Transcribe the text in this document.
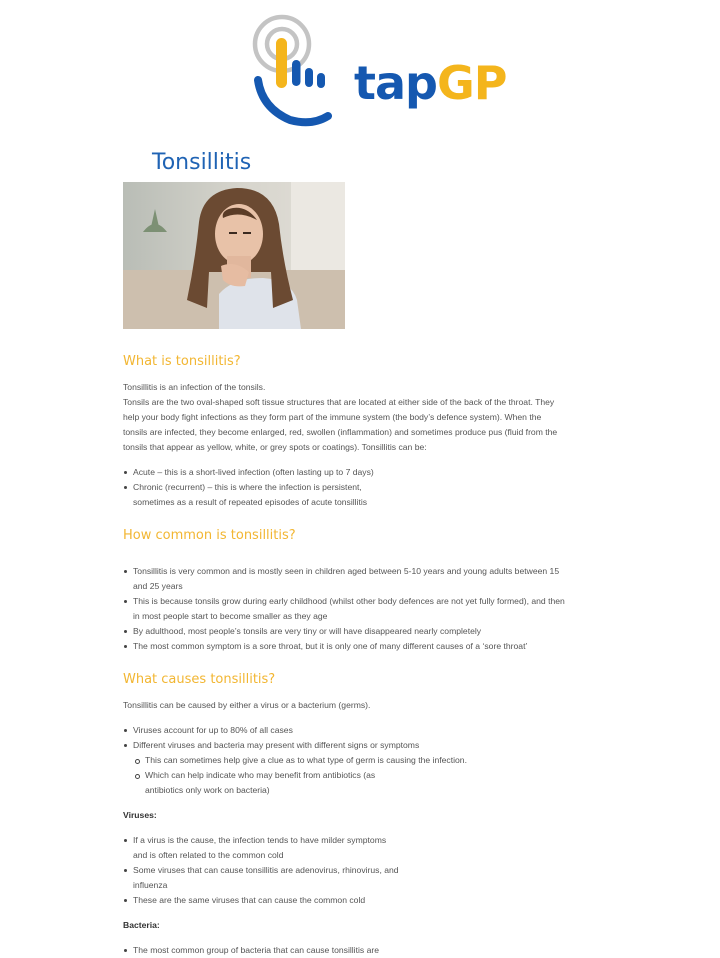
tapGP
Tonsillitis
What is tonsillitis?

Tonsillitis is an infection of the tonsils.

Tonsils are the two oval-shaped soft tissue structures that are located at either side of the back of the throat. They

help your body fight infections as they form part of the immune system (the body’s defence system). When the

tonsils are infected, they become enlarged, red, swollen (inflammation) and sometimes produce pus (fluid from the

tonsils that appear as yellow, white, or grey spots or coatings). Tonsillitis can be:

Acute – this is a short-lived infection (often lasting up to 7 days)
Chronic (recurrent) – this is where the infection is persistent,

sometimes as a result of repeated episodes of acute tonsillitis

How common is tonsillitis?
Tonsillitis is very common and is mostly seen in children aged between 5-10 years and young adults between 15

and 25 years

This is because tonsils grow during early childhood (whilst other body defences are not yet fully formed), and then

in most people start to become smaller as they age

By adulthood, most people’s tonsils are very tiny or will have disappeared nearly completely
The most common symptom is a sore throat, but it is only one of many different causes of a ‘sore throat’
What causes tonsillitis?

Tonsillitis can be caused by either a virus or a bacterium (germs).

Viruses account for up to 80% of all cases
Different viruses and bacteria may present with different signs or symptoms
This can sometimes help give a clue as to what type of germ is causing the infection.
Which can help indicate who may benefit from antibiotics (as

antibiotics only work on bacteria)

Viruses:

If a virus is the cause, the infection tends to have milder symptoms

and is often related to the common cold

Some viruses that can cause tonsillitis are adenovirus, rhinovirus, and

influenza

These are the same viruses that can cause the common cold

Bacteria:

The most common group of bacteria that can cause tonsillitis are
